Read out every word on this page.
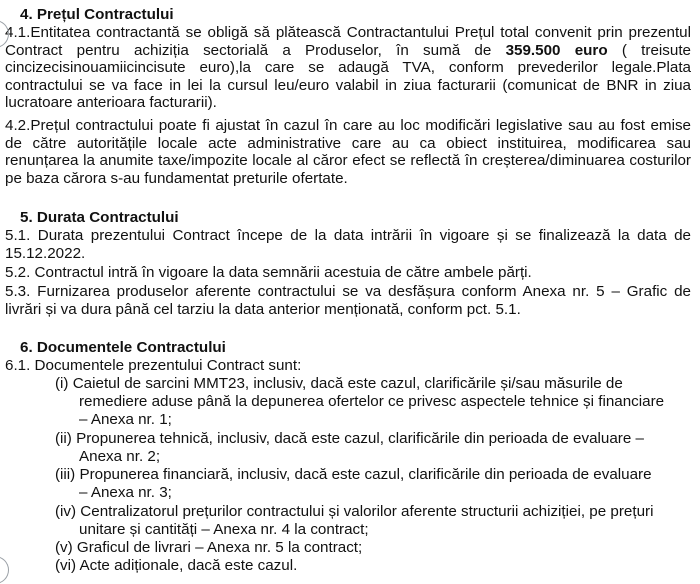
4. Prețul Contractului
4.1.Entitatea contractantă se obligă să plătească Contractantului Prețul total convenit prin prezentul Contract pentru achiziția sectorială a Produselor, în sumă de 359.500 euro ( treisute cincizecisinouamiicincisute euro),la care se adaugă TVA, conform prevederilor legale.Plata contractului se va face in lei la cursul leu/euro valabil in ziua facturarii (comunicat de BNR in ziua lucratoare anterioara facturarii).
4.2.Prețul contractului poate fi ajustat în cazul în care au loc modificări legislative sau au fost emise de către autoritățile locale acte administrative care au ca obiect instituirea, modificarea sau renunțarea la anumite taxe/impozite locale al căror efect se reflectă în creșterea/diminuarea costurilor pe baza cărora s-au fundamentat preturile ofertate.
5. Durata Contractului
5.1. Durata prezentului Contract începe de la data intrării în vigoare și se finalizează la data de 15.12.2022.
5.2. Contractul intră în vigoare la data semnării acestuia de către ambele părți.
5.3. Furnizarea produselor aferente contractului se va desfășura conform Anexa nr. 5 – Grafic de livrări și va dura până cel tarziu la data anterior menționată, conform pct. 5.1.
6. Documentele Contractului
6.1. Documentele prezentului Contract sunt:
(i) Caietul de sarcini MMT23, inclusiv, dacă este cazul, clarificările și/sau măsurile de
remediere aduse până la depunerea ofertelor ce privesc aspectele tehnice și financiare
– Anexa nr. 1;
(ii) Propunerea tehnică, inclusiv, dacă este cazul, clarificările din perioada de evaluare –
Anexa nr. 2;
(iii) Propunerea financiară, inclusiv, dacă este cazul, clarificările din perioada de evaluare
– Anexa nr. 3;
(iv) Centralizatorul prețurilor contractului și valorilor aferente structurii achiziției, pe prețuri
unitare și cantități – Anexa nr. 4 la contract;
(v) Graficul de livrari – Anexa nr. 5 la contract;
(vi) Acte adiționale, dacă este cazul.
